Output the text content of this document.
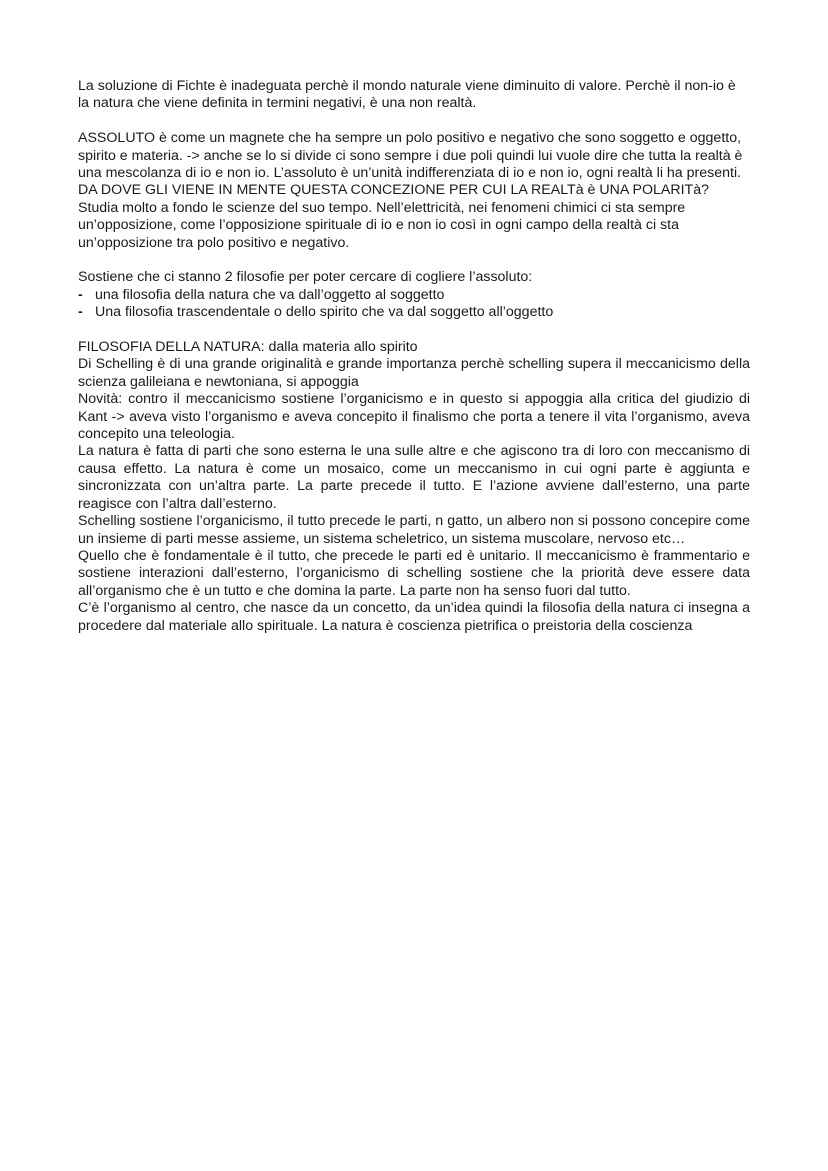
La soluzione di Fichte è inadeguata perchè il mondo naturale viene diminuito di valore. Perchè il non-io è la natura che viene definita in termini negativi, è una non realtà.

ASSOLUTO è come un magnete che ha sempre un polo positivo e negativo che sono soggetto e oggetto, spirito e materia. -> anche se lo si divide ci sono sempre i due poli quindi lui vuole dire che tutta la realtà è una mescolanza di io e non io. L’assoluto è un’unità indifferenziata di io e non io, ogni realtà li ha presenti.

DA DOVE GLI VIENE IN MENTE QUESTA CONCEZIONE PER CUI LA REALTà è UNA POLARITà?

Studia molto a fondo le scienze del suo tempo. Nell’elettricità, nei fenomeni chimici ci sta sempre un’opposizione, come l’opposizione spirituale di io e non io così in ogni campo della realtà ci sta un’opposizione tra polo positivo e negativo.

Sostiene che ci stanno 2 filosofie per poter cercare di cogliere l’assoluto:

- una filosofia della natura che va dall’oggetto al soggetto
- Una filosofia trascendentale o dello spirito che va dal soggetto all’oggetto

FILOSOFIA DELLA NATURA: dalla materia allo spirito

Di Schelling è di una grande originalità e grande importanza perchè schelling supera il meccanicismo della scienza galileiana e newtoniana, si appoggia

Novità: contro il meccanicismo sostiene l’organicismo e in questo si appoggia alla critica del giudizio di Kant -> aveva visto l’organismo e aveva concepito il finalismo che porta a tenere il vita l’organismo, aveva concepito una teleologia.

La natura è fatta di parti che sono esterna le una sulle altre e che agiscono tra di loro con meccanismo di causa effetto. La natura è come un mosaico, come un meccanismo in cui ogni parte è aggiunta e sincronizzata con un’altra parte. La parte precede il tutto. E l’azione avviene dall’esterno, una parte reagisce con l’altra dall’esterno.

Schelling sostiene l’organicismo, il tutto precede le parti, n gatto, un albero non si possono concepire come un insieme di parti messe assieme, un sistema scheletrico, un sistema muscolare, nervoso etc…

Quello che è fondamentale è il tutto, che precede le parti ed è unitario. Il meccanicismo è frammentario e sostiene interazioni dall’esterno, l’organicismo di schelling sostiene che la priorità deve essere data all’organismo che è un tutto e che domina la parte. La parte non ha senso fuori dal tutto.

C’è l’organismo al centro, che nasce da un concetto, da un’idea quindi la filosofia della natura ci insegna a procedere dal materiale allo spirituale. La natura è coscienza pietrifica o preistoria della coscienza
